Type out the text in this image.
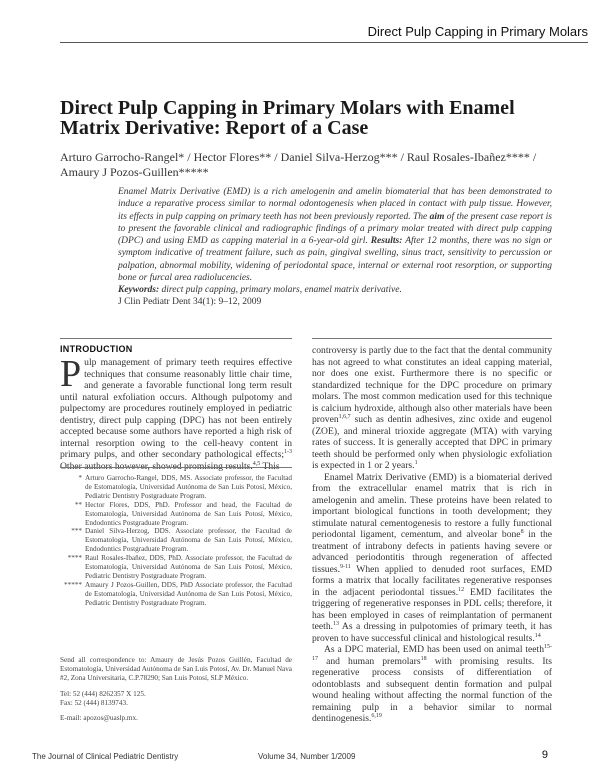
Direct Pulp Capping in Primary Molars
Direct Pulp Capping in Primary Molars with Enamel Matrix Derivative: Report of a Case
Arturo Garrocho-Rangel* / Hector Flores** / Daniel Silva-Herzog*** / Raul Rosales-Ibañez**** / Amaury J Pozos-Guillen*****
Enamel Matrix Derivative (EMD) is a rich amelogenin and amelin biomaterial that has been demonstrated to induce a reparative process similar to normal odontogenesis when placed in contact with pulp tissue. However, its effects in pulp capping on primary teeth has not been previously reported. The aim of the present case report is to present the favorable clinical and radiographic findings of a primary molar treated with direct pulp capping (DPC) and using EMD as capping material in a 6-year-old girl. Results: After 12 months, there was no sign or symptom indicative of treatment failure, such as pain, gingival swelling, sinus tract, sensitivity to percussion or palpation, abnormal mobility, widening of periodontal space, internal or external root resorption, or supporting bone or furcal area radiolucencies.
Keywords: direct pulp capping, primary molars, enamel matrix derivative.
J Clin Pediatr Dent 34(1): 9–12, 2009
INTRODUCTION
Pulp management of primary teeth requires effective techniques that consume reasonably little chair time, and generate a favorable functional long term result until natural exfoliation occurs. Although pulpotomy and pulpectomy are procedures routinely employed in pediatric dentistry, direct pulp capping (DPC) has not been entirely accepted because some authors have reported a high risk of internal resorption owing to the cell-heavy content in primary pulps, and other secondary pathological effects;$^{1-3}$ Other authors however, showed promising results.$^{4,5}$ This
* Arturo Garrocho-Rangel, DDS, MS. Associate professor, the Facultad de Estomatología, Universidad Autónoma de San Luis Potosí, México, Pediatric Dentistry Postgraduate Program.
** Hector Flores, DDS, PhD. Professor and head, the Facultad de Estomatología, Universidad Autónoma de San Luis Potosí, México, Endodontics Postgraduate Program.
*** Daniel Silva-Herzog, DDS. Associate professor, the Facultad de Estomatología, Universidad Autónoma de San Luis Potosí, México, Endodontics Postgraduate Program.
**** Raul Rosales-Ibañez, DDS, PhD. Associate professor, the Facultad de Estomatología, Universidad Autónoma de San Luis Potosí, México, Pediatric Dentistry Postgraduate Program.
***** Amaury J Pozos-Guillen, DDS, PhD Associate professor, the Facultad de Estomatología, Universidad Autónoma de San Luis Potosí, México, Pediatric Dentistry Postgraduate Program.
Send all correspondence to: Amaury de Jesús Pozos Guillén, Facultad de Estomatología, Universidad Autónoma de San Luis Potosí, Av. Dr. Manuel Nava #2, Zona Universitaria, C.P.78290; San Luis Potosí, SLP México.
Tel: 52 (444) 8262357 X 125.
Fax: 52 (444) 8139743.
E-mail: apozos@uaslp.mx.
controversy is partly due to the fact that the dental community has not agreed to what constitutes an ideal capping material, nor does one exist. Furthermore there is no specific or standardized technique for the DPC procedure on primary molars. The most common medication used for this technique is calcium hydroxide, although also other materials have been proven$^{1,6,7}$ such as dentin adhesives, zinc oxide and eugenol (ZOE), and mineral trioxide aggregate (MTA) with varying rates of success. It is generally accepted that DPC in primary teeth should be performed only when physiologic exfoliation is expected in 1 or 2 years.$^1$
Enamel Matrix Derivative (EMD) is a biomaterial derived from the extracellular enamel matrix that is rich in amelogenin and amelin. These proteins have been related to important biological functions in tooth development; they stimulate natural cementogenesis to restore a fully functional periodontal ligament, cementum, and alveolar bone$^8$ in the treatment of intrabony defects in patients having severe or advanced periodontitis through regeneration of affected tissues.$^{9-11}$ When applied to denuded root surfaces, EMD forms a matrix that locally facilitates regenerative responses in the adjacent periodontal tissues.$^{12}$ EMD facilitates the triggering of regenerative responses in PDL cells; therefore, it has been employed in cases of reimplantation of permanent teeth.$^{13}$ As a dressing in pulpotomies of primary teeth, it has proven to have successful clinical and histological results.$^{14}$
As a DPC material, EMD has been used on animal teeth$^{15-17}$ and human premolars$^{18}$ with promising results. Its regenerative process consists of differentiation of odontoblasts and subsequent dentin formation and pulpal wound healing without affecting the normal function of the remaining pulp in a behavior similar to normal dentinogenesis.$^{6,19}$
The Journal of Clinical Pediatric Dentistry	Volume 34, Number 1/2009	9
